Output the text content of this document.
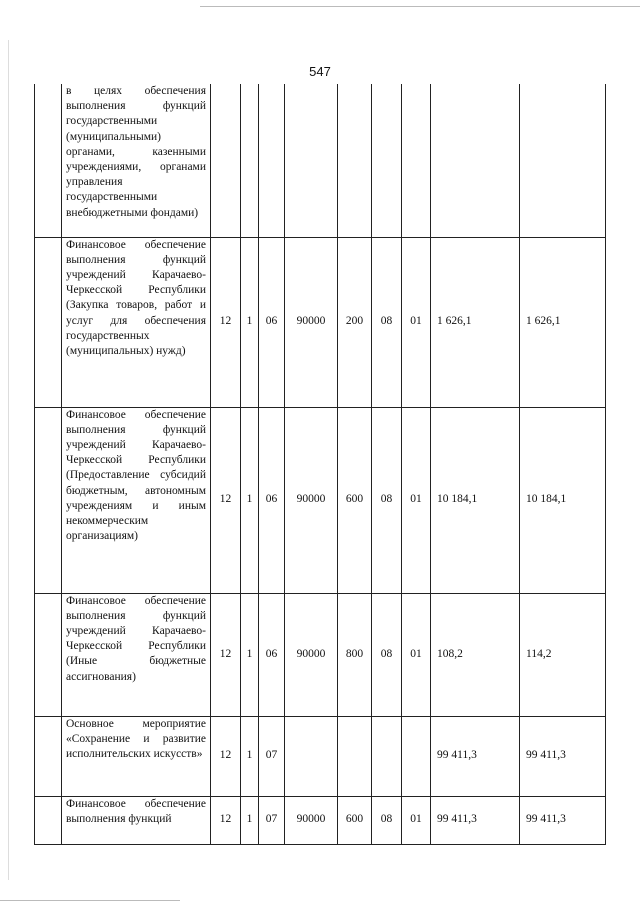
547
	в целях обеспечения выполнения функций государственными (муниципальными) органами, казенными учреждениями, органами управления государственными внебюджетными фондами)									
	Финансовое обеспечение выполнения функций учреждений Карачаево-Черкесской Республики (Закупка товаров, работ и услуг для обеспечения государственных (муниципальных) нужд)	12	1	06	90000	200	08	01	1 626,1	1 626,1
	Финансовое обеспечение выполнения функций учреждений Карачаево-Черкесской Республики (Предоставление субсидий бюджетным, автономным учреждениям и иным некоммерческим организациям)	12	1	06	90000	600	08	01	10 184,1	10 184,1
	Финансовое обеспечение выполнения функций учреждений Карачаево-Черкесской Республики (Иные бюджетные ассигнования)	12	1	06	90000	800	08	01	108,2	114,2
	Основное мероприятие «Сохранение и развитие исполнительских искусств»	12	1	07					99 411,3	99 411,3
	Финансовое обеспечение выполнения функций	12	1	07	90000	600	08	01	99 411,3	99 411,3
